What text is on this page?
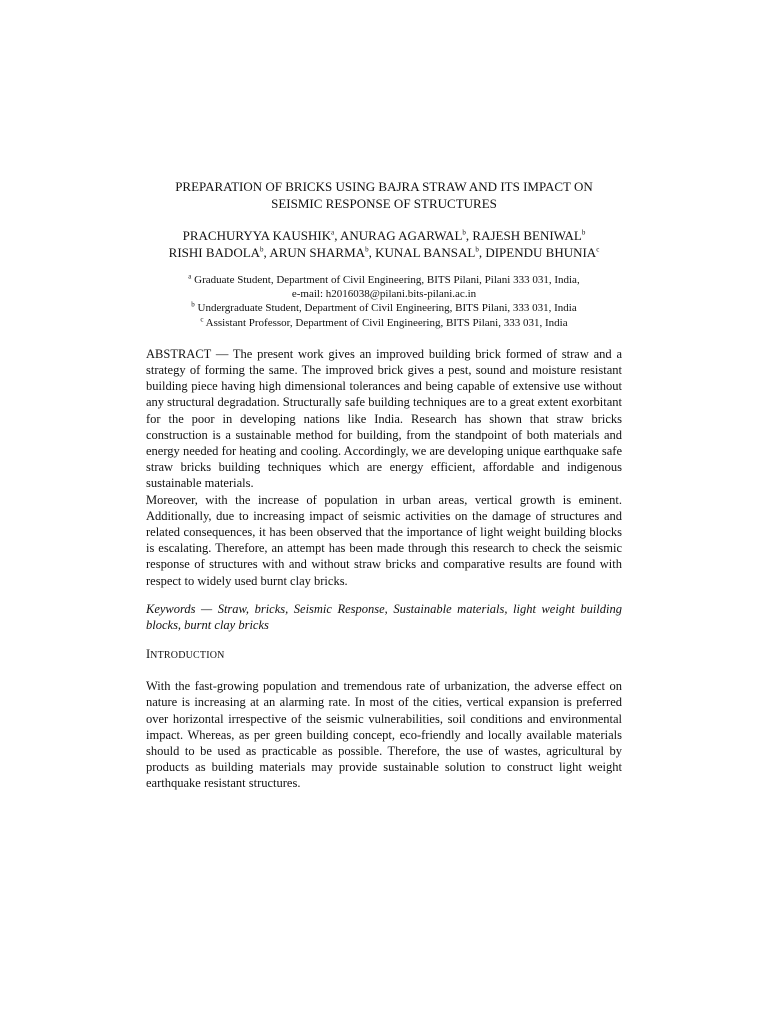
PREPARATION OF BRICKS USING BAJRA STRAW AND ITS IMPACT ON
SEISMIC RESPONSE OF STRUCTURES
PRACHURYYA KAUSHIK$^a$, ANURAG AGARWAL$^b$, RAJESH BENIWAL$^b$
RISHI BADOLA$^b$, ARUN SHARMA$^b$, KUNAL BANSAL$^b$, DIPENDU BHUNIA$^c$
$^a$ Graduate Student, Department of Civil Engineering, BITS Pilani, Pilani 333 031, India,
e-mail: h2016038@pilani.bits-pilani.ac.in
$^b$ Undergraduate Student, Department of Civil Engineering, BITS Pilani, 333 031, India
$^c$ Assistant Professor, Department of Civil Engineering, BITS Pilani, 333 031, India

ABSTRACT — The present work gives an improved building brick formed of straw and a strategy of forming the same. The improved brick gives a pest, sound and moisture resistant building piece having high dimensional tolerances and being capable of extensive use without any structural degradation. Structurally safe building techniques are to a great extent exorbitant for the poor in developing nations like India. Research has shown that straw bricks construction is a sustainable method for building, from the standpoint of both materials and energy needed for heating and cooling. Accordingly, we are developing unique earthquake safe straw bricks building techniques which are energy efficient, affordable and indigenous sustainable materials.

Moreover, with the increase of population in urban areas, vertical growth is eminent. Additionally, due to increasing impact of seismic activities on the damage of structures and related consequences, it has been observed that the importance of light weight building blocks is escalating. Therefore, an attempt has been made through this research to check the seismic response of structures with and without straw bricks and comparative results are found with respect to widely used burnt clay bricks.

Keywords — Straw, bricks, Seismic Response, Sustainable materials, light weight building blocks, burnt clay bricks

INTRODUCTION

With the fast-growing population and tremendous rate of urbanization, the adverse effect on nature is increasing at an alarming rate. In most of the cities, vertical expansion is preferred over horizontal irrespective of the seismic vulnerabilities, soil conditions and environmental impact. Whereas, as per green building concept, eco-friendly and locally available materials should to be used as practicable as possible. Therefore, the use of wastes, agricultural by products as building materials may provide sustainable solution to construct light weight earthquake resistant structures.
